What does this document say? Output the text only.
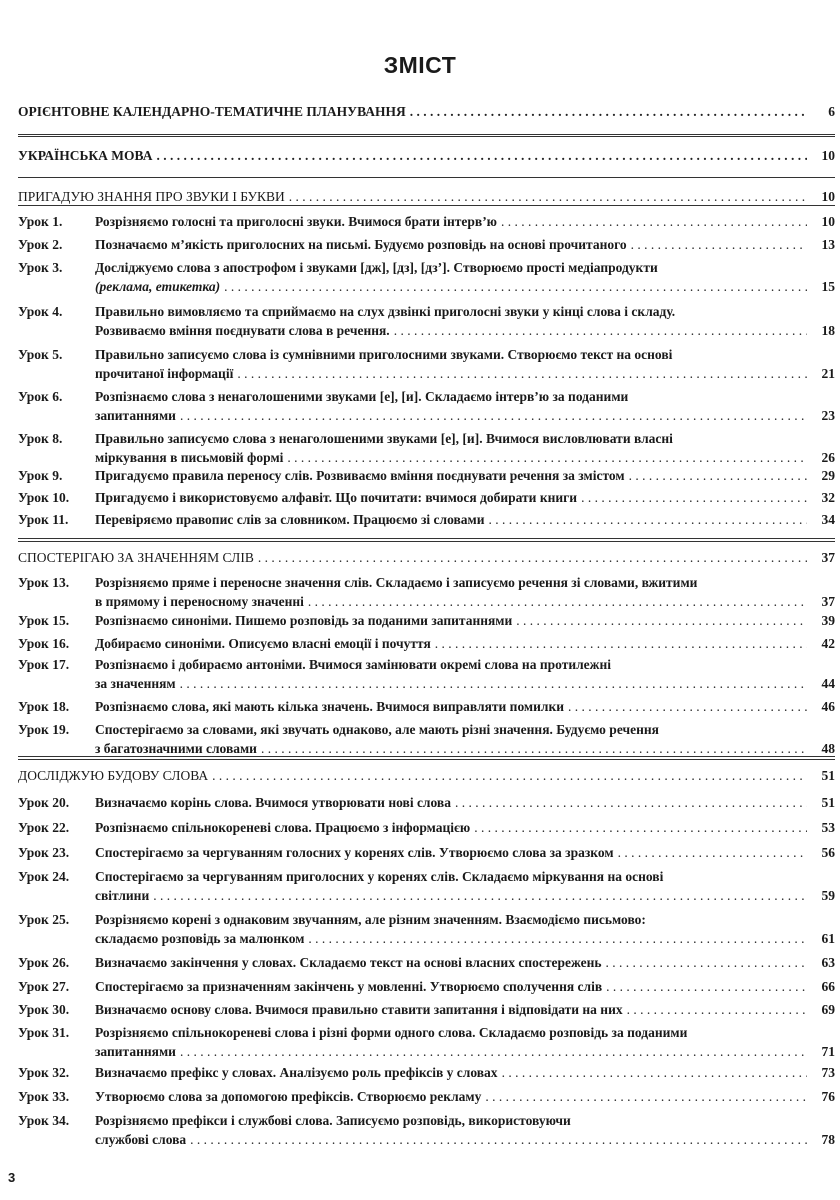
ЗМІСТ
ОРІЄНТОВНЕ КАЛЕНДАРНО-ТЕМАТИЧНЕ ПЛАНУВАННЯ . . .	6
УКРАЇНСЬКА МОВА . . .	10
ПРИГАДУЮ ЗНАННЯ ПРО ЗВУКИ І БУКВИ . . .	10
Урок 1.	Розрізняємо голосні та приголосні звуки. Вчимося брати інтерв’ю . . .	10
Урок 2.	Позначаємо м’якість приголосних на письмі. Будуємо розповідь на основі прочитаного . . .	13
Урок 3.	Досліджуємо слова з апострофом і звуками [дж], [дз], [дз’]. Створюємо прості медіапродукти
(реклама, етикетка) . . .	15
Урок 4.	Правильно вимовляємо та сприймаємо на слух дзвінкі приголосні звуки у кінці слова і складу.
Розвиваємо вміння поєднувати слова в речення. . . .	18
Урок 5.	Правильно записуємо слова із сумнівними приголосними звуками. Створюємо текст на основі
прочитаної інформації . . .	21
Урок 6.	Розпізнаємо слова з ненаголошеними звуками [е], [и]. Складаємо інтерв’ю за поданими
запитаннями . . .	23
Урок 8.	Правильно записуємо слова з ненаголошеними звуками [е], [и]. Вчимося висловлювати власні
міркування в письмовій формі . . .	26
Урок 9.	Пригадуємо правила переносу слів. Розвиваємо вміння поєднувати речення за змістом . . .	29
Урок 10.	Пригадуємо і використовуємо алфавіт. Що почитати: вчимося добирати книги . . .	32
Урок 11.	Перевіряємо правопис слів за словником. Працюємо зі словами . . .	34
СПОСТЕРІГАЮ ЗА ЗНАЧЕННЯМ СЛІВ . . .	37
Урок 13.	Розрізняємо пряме і переносне значення слів. Складаємо і записуємо речення зі словами, вжитими
в прямому і переносному значенні . . .	37
Урок 15.	Розпізнаємо синоніми. Пишемо розповідь за поданими запитаннями . . .	39
Урок 16.	Добираємо синоніми. Описуємо власні емоції і почуття . . .	42
Урок 17.	Розпізнаємо і добираємо антоніми. Вчимося замінювати окремі слова на протилежні
за значенням . . .	44
Урок 18.	Розпізнаємо слова, які мають кілька значень. Вчимося виправляти помилки . . .	46
Урок 19.	Спостерігаємо за словами, які звучать однаково, але мають різні значення. Будуємо речення
з багатозначними словами . . .	48
ДОСЛІДЖУЮ БУДОВУ СЛОВА . . .	51
Урок 20.	Визначаємо корінь слова. Вчимося утворювати нові слова . . .	51
Урок 22.	Розпізнаємо спільнокореневі слова. Працюємо з інформацією . . .	53
Урок 23.	Спостерігаємо за чергуванням голосних у коренях слів. Утворюємо слова за зразком . . .	56
Урок 24.	Спостерігаємо за чергуванням приголосних у коренях слів. Складаємо міркування на основі
світлини . . .	59
Урок 25.	Розрізняємо корені з однаковим звучанням, але різним значенням. Взаємодіємо письмово:
складаємо розповідь за малюнком . . .	61
Урок 26.	Визначаємо закінчення у словах. Складаємо текст на основі власних спостережень . . .	63
Урок 27.	Спостерігаємо за призначенням закінчень у мовленні. Утворюємо сполучення слів . . .	66
Урок 30.	Визначаємо основу слова. Вчимося правильно ставити запитання і відповідати на них . . .	69
Урок 31.	Розрізняємо спільнокореневі слова і різні форми одного слова. Складаємо розповідь за поданими
запитаннями . . .	71
Урок 32.	Визначаємо префікс у словах. Аналізуємо роль префіксів у словах . . .	73
Урок 33.	Утворюємо слова за допомогою префіксів. Створюємо рекламу . . .	76
Урок 34.	Розрізняємо префікси і службові слова. Записуємо розповідь, використовуючи
службові слова . . .	78
3
